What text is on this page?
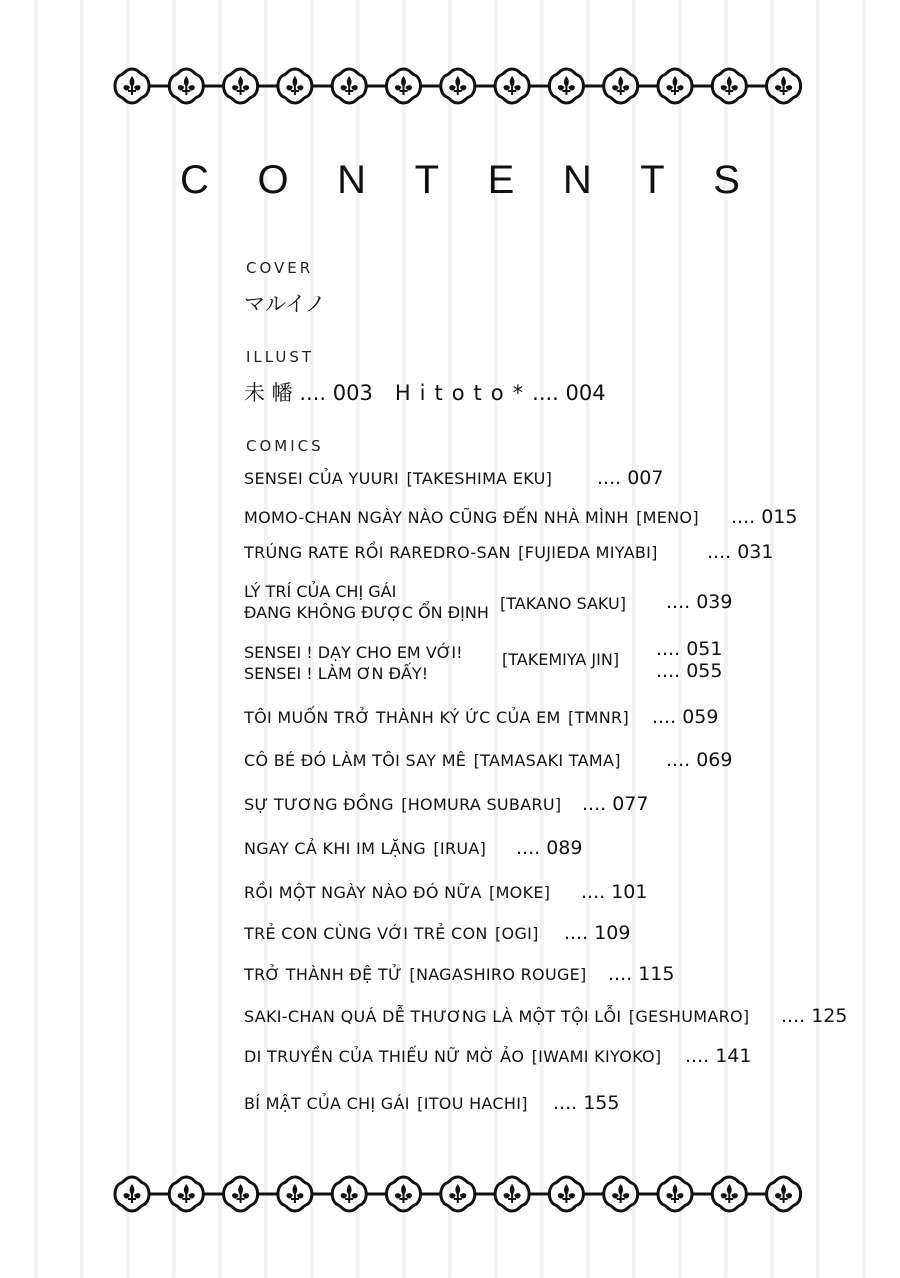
C O N T E N T S
COVER
マルイノ
ILLUST
未 幡 .... 003 Hitoto*.... 004
COMICS
SENSEI CỦA YUURI [TAKESHIMA EKU] .... 007
MOMO-CHAN NGÀY NÀO CŨNG ĐẾN NHÀ MÌNH [MENO] .... 015
TRÚNG RATE RỒI RAREDRO-SAN [FUJIEDA MIYABI]	.... 031
LÝ TRÍ CỦA CHỊ GÁI
ĐANG KHÔNG ĐƯỢC ỔN ĐỊNH [TAKANO SAKU] .... 039
SENSEI ! DẠY CHO EM VỚI!
SENSEI ! LÀM ƠN ĐẤY!
[TAKEMIYA JIN] .... 051
.... 055
TÔI MUỐN TRỞ THÀNH KÝ ỨC CỦA EM [TMNR] .... 059
CÔ BÉ ĐÓ LÀM TÔI SAY MÊ [TAMASAKI TAMA] .... 069
SỰ TƯƠNG ĐỒNG [HOMURA SUBARU] .... 077
NGAY CẢ KHI IM LẶNG [IRUA] .... 089
RỒI MỘT NGÀY NÀO ĐÓ NỮA [MOKE] .... 101
TRẺ CON CÙNG VỚI TRẺ CON [OGI] .... 109
TRỞ THÀNH ĐỆ TỬ [NAGASHIRO ROUGE] .... 115
SAKI-CHAN QUÁ DỄ THƯƠNG LÀ MỘT TỘI LỖI [GESHUMARO] .... 125
DI TRUYỀN CỦA THIẾU NỮ MỜ ẢO [IWAMI KIYOKO] .... 141
BÍ MẬT CỦA CHỊ GÁI [ITOU HACHI] .... 155
